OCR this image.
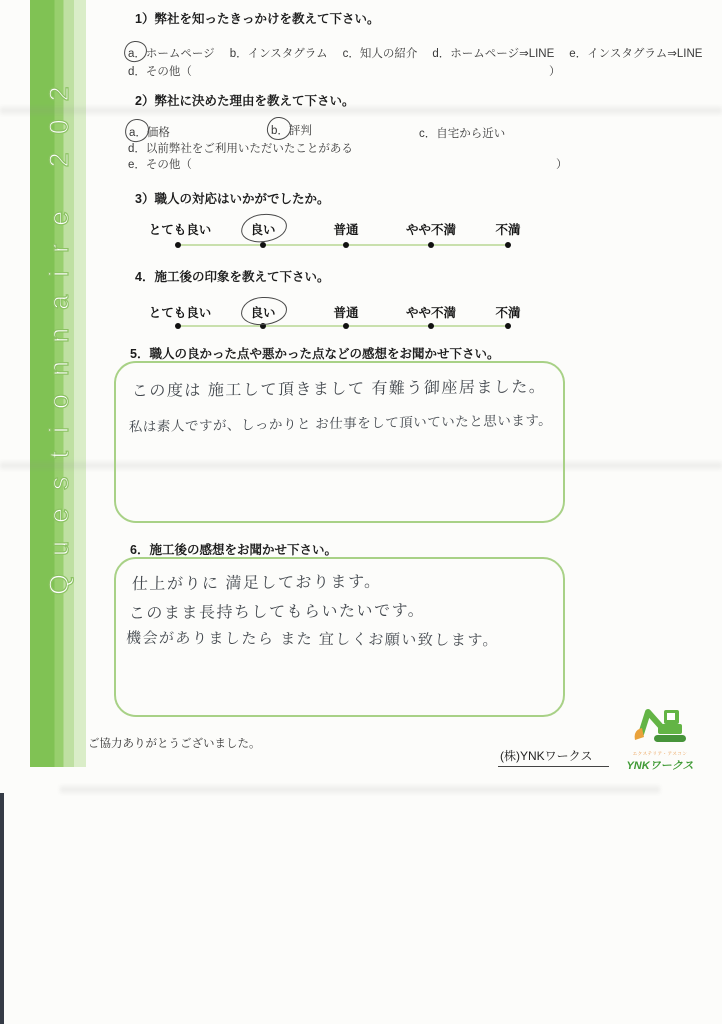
Questionnaire 202
1）弊社を知ったきっかけを教えて下さい。
a．ホームページ b．インスタグラム c．知人の紹介 d．ホームページ⇒LINE e．インスタグラム⇒LINE
d．その他（	）
2）弊社に決めた理由を教えて下さい。
a．価格	b．評判	c．自宅から近い
d．以前弊社をご利用いただいたことがある
e．その他（	）
3）職人の対応はいかがでしたか。
とても良い	良い	普通	やや不満	不満
4．施工後の印象を教えて下さい。
とても良い	良い	普通	やや不満	不満
5．職人の良かった点や悪かった点などの感想をお聞かせ下さい。
この度は 施工して頂きまして 有難う御座居ました。
私は素人ですが、しっかりと お仕事をして頂いていたと思います。
6．施工後の感想をお聞かせ下さい。
仕上がりに 満足しております。
このまま長持ちしてもらいたいです。
機会がありましたら また 宜しくお願い致します。
ご協力ありがとうございました。
(株)YNKワークス	エクステリア・アスコン
YNKワークス
